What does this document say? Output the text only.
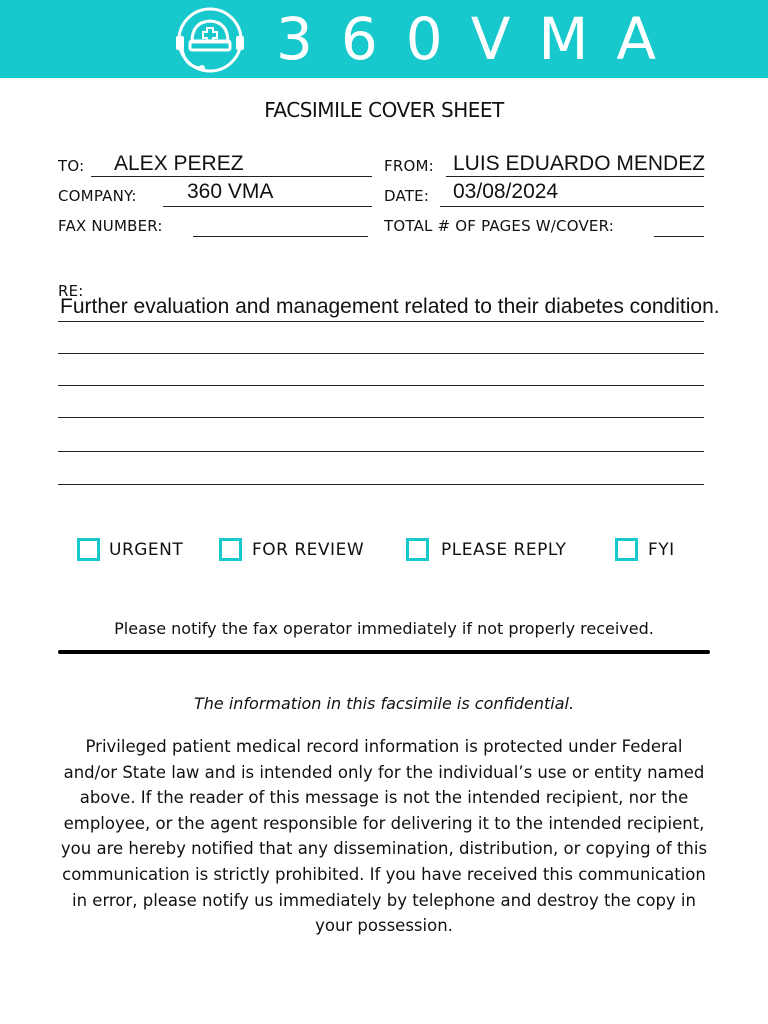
360VMA
FACSIMILE COVER SHEET
TO: ALEX PEREZ	FROM: LUIS EDUARDO MENDEZ
COMPANY: 360 VMA	DATE: 03/08/2024
FAX NUMBER:	TOTAL # OF PAGES W/COVER:
RE:
Further evaluation and management related to their diabetes condition.
URGENT	FOR REVIEW	PLEASE REPLY	FYI
Please notify the fax operator immediately if not properly received.
The information in this facsimile is confidential.
Privileged patient medical record information is protected under Federal and/or State law and is intended only for the individual’s use or entity named above. If the reader of this message is not the intended recipient, nor the employee, or the agent responsible for delivering it to the intended recipient, you are hereby notified that any dissemination, distribution, or copying of this communication is strictly prohibited. If you have received this communication in error, please notify us immediately by telephone and destroy the copy in your possession.
